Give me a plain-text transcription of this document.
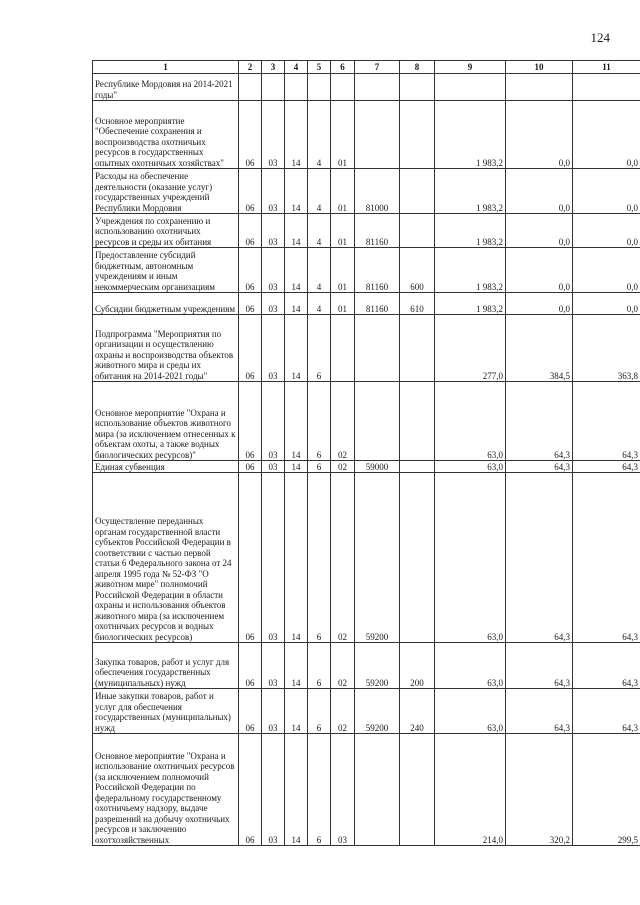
124
1	2	3	4	5	6	7	8	9	10	11

Республике Мордовия на 2014-2021 годы"										

Основное мероприятие "Обеспечение сохранения и воспроизводства охотничьих ресурсов в государственных опытных охотничьих хозяйствах"	06	03	14	4	01			1 983,2	0,0	0,0

Расходы на обеспечение деятельности (оказание услуг) государственных учреждений Республики Мордовия	06	03	14	4	01	81000		1 983,2	0,0	0,0

Учреждения по сохранению и использованию охотничьих ресурсов и среды их обитания	06	03	14	4	01	81160		1 983,2	0,0	0,0

Предоставление субсидий бюджетным, автономным учреждениям и иным некоммерческим организациям	06	03	14	4	01	81160	600	1 983,2	0,0	0,0

Субсидии бюджетным учреждениям	06	03	14	4	01	81160	610	1 983,2	0,0	0,0

Подпрограмма "Мероприятия по организации и осуществлению охраны и воспроизводства объектов животного мира и среды их обитания на 2014-2021 годы"	06	03	14	6				277,0	384,5	363,8

Основное мероприятие "Охрана и использование объектов животного мира (за исключением отнесенных к объектам охоты, а также водных биологических ресурсов)"	06	03	14	6	02			63,0	64,3	64,3

Единая субвенция	06	03	14	6	02	59000		63,0	64,3	64,3

Осуществление переданных органам государственной власти субъектов Российской Федерации в соответствии с частью первой статьи 6 Федерального закона от 24 апреля 1995 года № 52-ФЗ "О животном мире" полномочий Российской Федерации в области охраны и использования объектов животного мира (за исключением охотничьих ресурсов и водных биологических ресурсов)	06	03	14	6	02	59200		63,0	64,3	64,3

Закупка товаров, работ и услуг для обеспечения государственных (муниципальных) нужд	06	03	14	6	02	59200	200	63,0	64,3	64,3

Иные закупки товаров, работ и услуг для обеспечения государственных (муниципальных) нужд	06	03	14	6	02	59200	240	63,0	64,3	64,3

Основное мероприятие "Охрана и использование охотничьих ресурсов (за исключением полномочий Российской Федерации по федеральному государственному охотничьему надзору, выдаче разрешений на добычу охотничьих ресурсов и заключению охотхозяйственных	06	03	14	6	03			214,0	320,2	299,5
